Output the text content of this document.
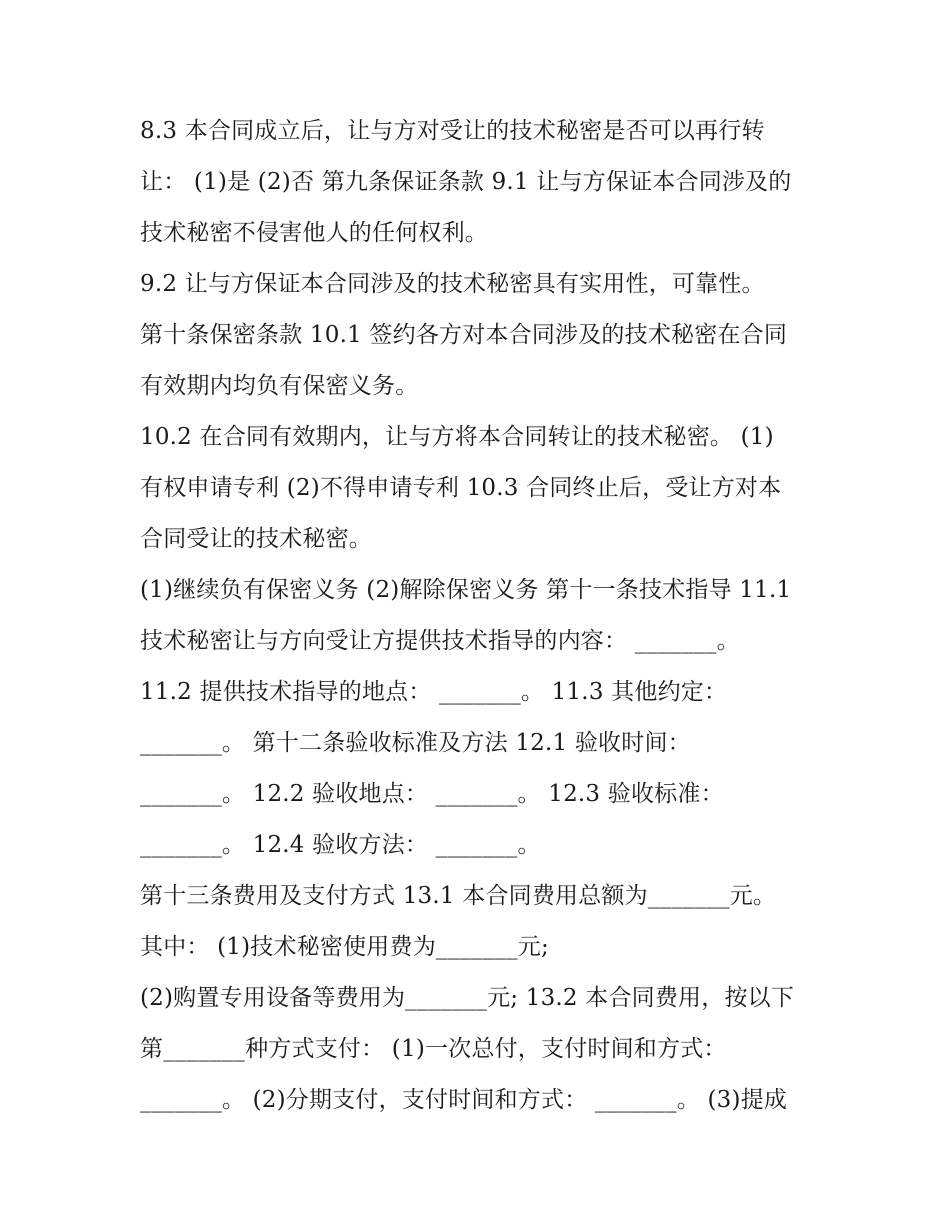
8.3 本合同成立后，让与方对受让的技术秘密是否可以再行转
让： (1)是 (2)否 第九条保证条款 9.1 让与方保证本合同涉及的
技术秘密不侵害他人的任何权利。
9.2 让与方保证本合同涉及的技术秘密具有实用性，可靠性。
第十条保密条款 10.1 签约各方对本合同涉及的技术秘密在合同
有效期内均负有保密义务。
10.2 在合同有效期内，让与方将本合同转让的技术秘密。 (1)
有权申请专利 (2)不得申请专利 10.3 合同终止后，受让方对本
合同受让的技术秘密。
(1)继续负有保密义务 (2)解除保密义务 第十一条技术指导 11.1
技术秘密让与方向受让方提供技术指导的内容： _______。
11.2 提供技术指导的地点： _______。 11.3 其他约定：
_______。 第十二条验收标准及方法 12.1 验收时间：
_______。 12.2 验收地点： _______。 12.3 验收标准：
_______。 12.4 验收方法： _______。
第十三条费用及支付方式 13.1 本合同费用总额为_______元。
其中： (1)技术秘密使用费为_______元;
(2)购置专用设备等费用为_______元; 13.2 本合同费用，按以下
第_______种方式支付： (1)一次总付，支付时间和方式：
_______。 (2)分期支付，支付时间和方式： _______。 (3)提成
